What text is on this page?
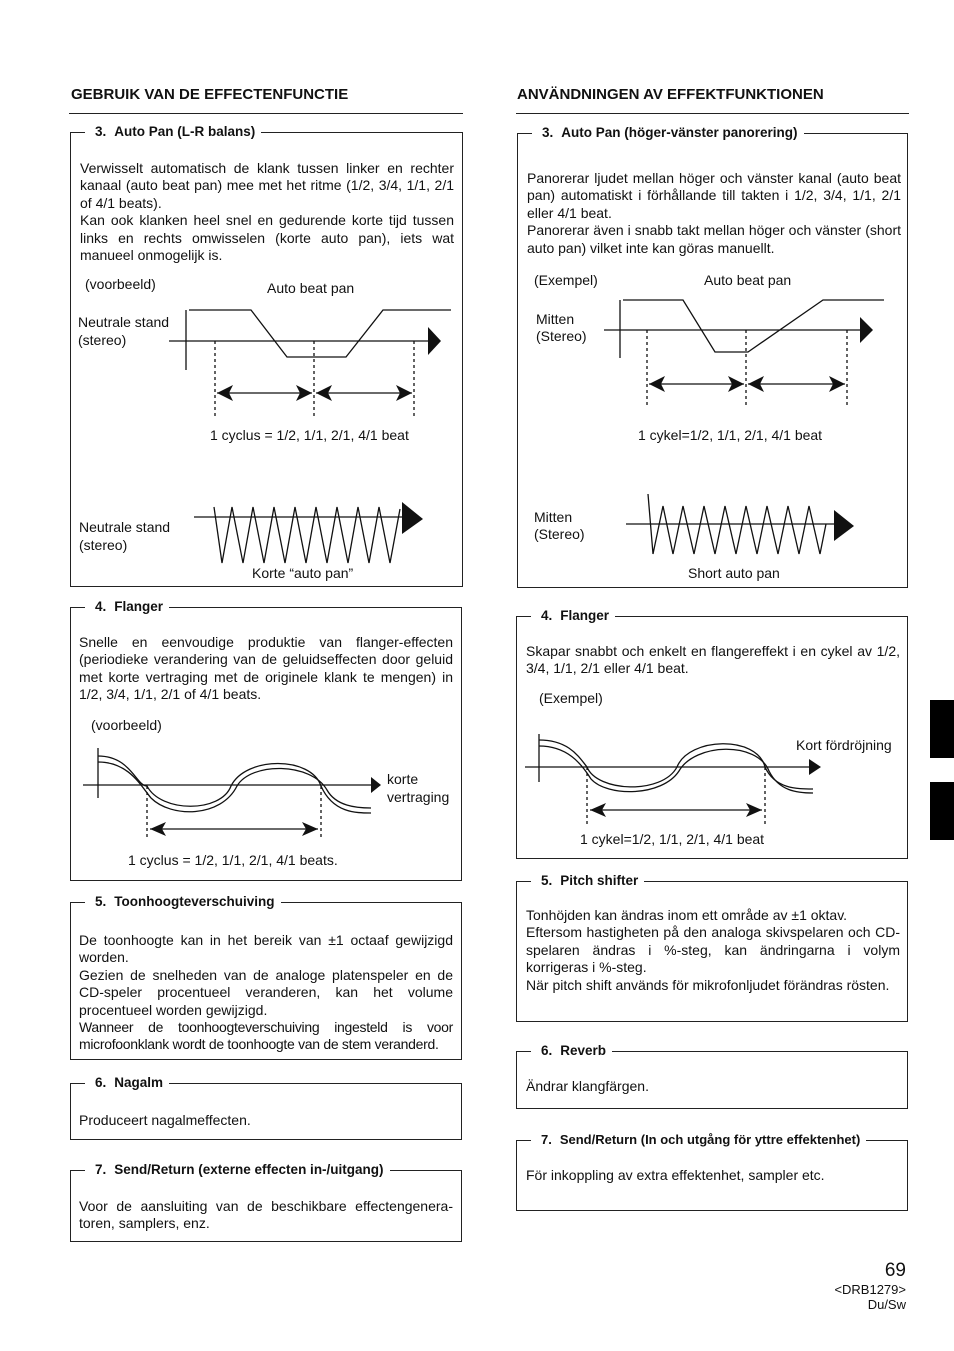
GEBRUIK VAN DE EFFECTENFUNCTIE
3. Auto Pan (L-R balans)

Verwisselt automatisch de klank tussen linker en rechter kanaal (auto beat pan) mee met het ritme (1/2, 3/4, 1/1, 2/1 of 4/1 beats).

Kan ook klanken heel snel en gedurende korte tijd tussen links en rechts omwisselen (korte auto pan), iets wat manueel onmogelijk is.

(voorbeeld)	Auto beat pan
Neutrale stand
(stereo)
1 cyclus = 1/2, 1/1, 2/1, 4/1 beat
Neutrale stand
(stereo)
Korte “auto pan”
4. Flanger

Snelle en eenvoudige produktie van flanger-effecten (periodieke verandering van de geluidseffecten door geluid met korte vertraging met de originele klank te mengen) in 1/2, 3/4, 1/1, 2/1 of 4/1 beats.

(voorbeeld)
korte
vertraging
1 cyclus = 1/2, 1/1, 2/1, 4/1 beats.
5. Toonhoogteverschuiving

De toonhoogte kan in het bereik van ±1 octaaf gewijzigd worden.

Gezien de snelheden van de analoge platenspeler en de CD-speler procentueel veranderen, kan het volume procentueel worden gewijzigd.

Wanneer de toonhoogteverschuiving ingesteld is voor microfoonklank wordt de toonhoogte van de stem veranderd.

6. Nagalm
Produceert nagalmeffecten.
7. Send/Return (externe effecten in-/uitgang)
Voor de aansluiting van de beschikbare effectengenera-toren, samplers, enz.
ANVÄNDNINGEN AV EFFEKTFUNKTIONEN
3. Auto Pan (höger-vänster panorering)

Panorerar ljudet mellan höger och vänster kanal (auto beat pan) automatiskt i förhållande till takten i 1/2, 3/4, 1/1, 2/1 eller 4/1 beat.

Panorerar även i snabb takt mellan höger och vänster (short auto pan) vilket inte kan göras manuellt.

(Exempel)	Auto beat pan
Mitten
(Stereo)
1 cykel=1/2, 1/1, 2/1, 4/1 beat
Mitten
(Stereo)
Short auto pan
4. Flanger

Skapar snabbt och enkelt en flangereffekt i en cykel av 1/2, 3/4, 1/1, 2/1 eller 4/1 beat.

(Exempel)
Kort fördröjning
1 cykel=1/2, 1/1, 2/1, 4/1 beat
5. Pitch shifter

Tonhöjden kan ändras inom ett område av ±1 oktav.

Eftersom hastigheten på den analoga skivspelaren och CD-spelaren ändras i %-steg, kan ändringarna i volym korrigeras i %-steg.

När pitch shift används för mikrofonljudet förändras rösten.

6. Reverb
Ändrar klangfärgen.
7. Send/Return (In och utgång för yttre effektenhet)
För inkoppling av extra effektenhet, sampler etc.
69
<DRB1279>
Du/Sw
